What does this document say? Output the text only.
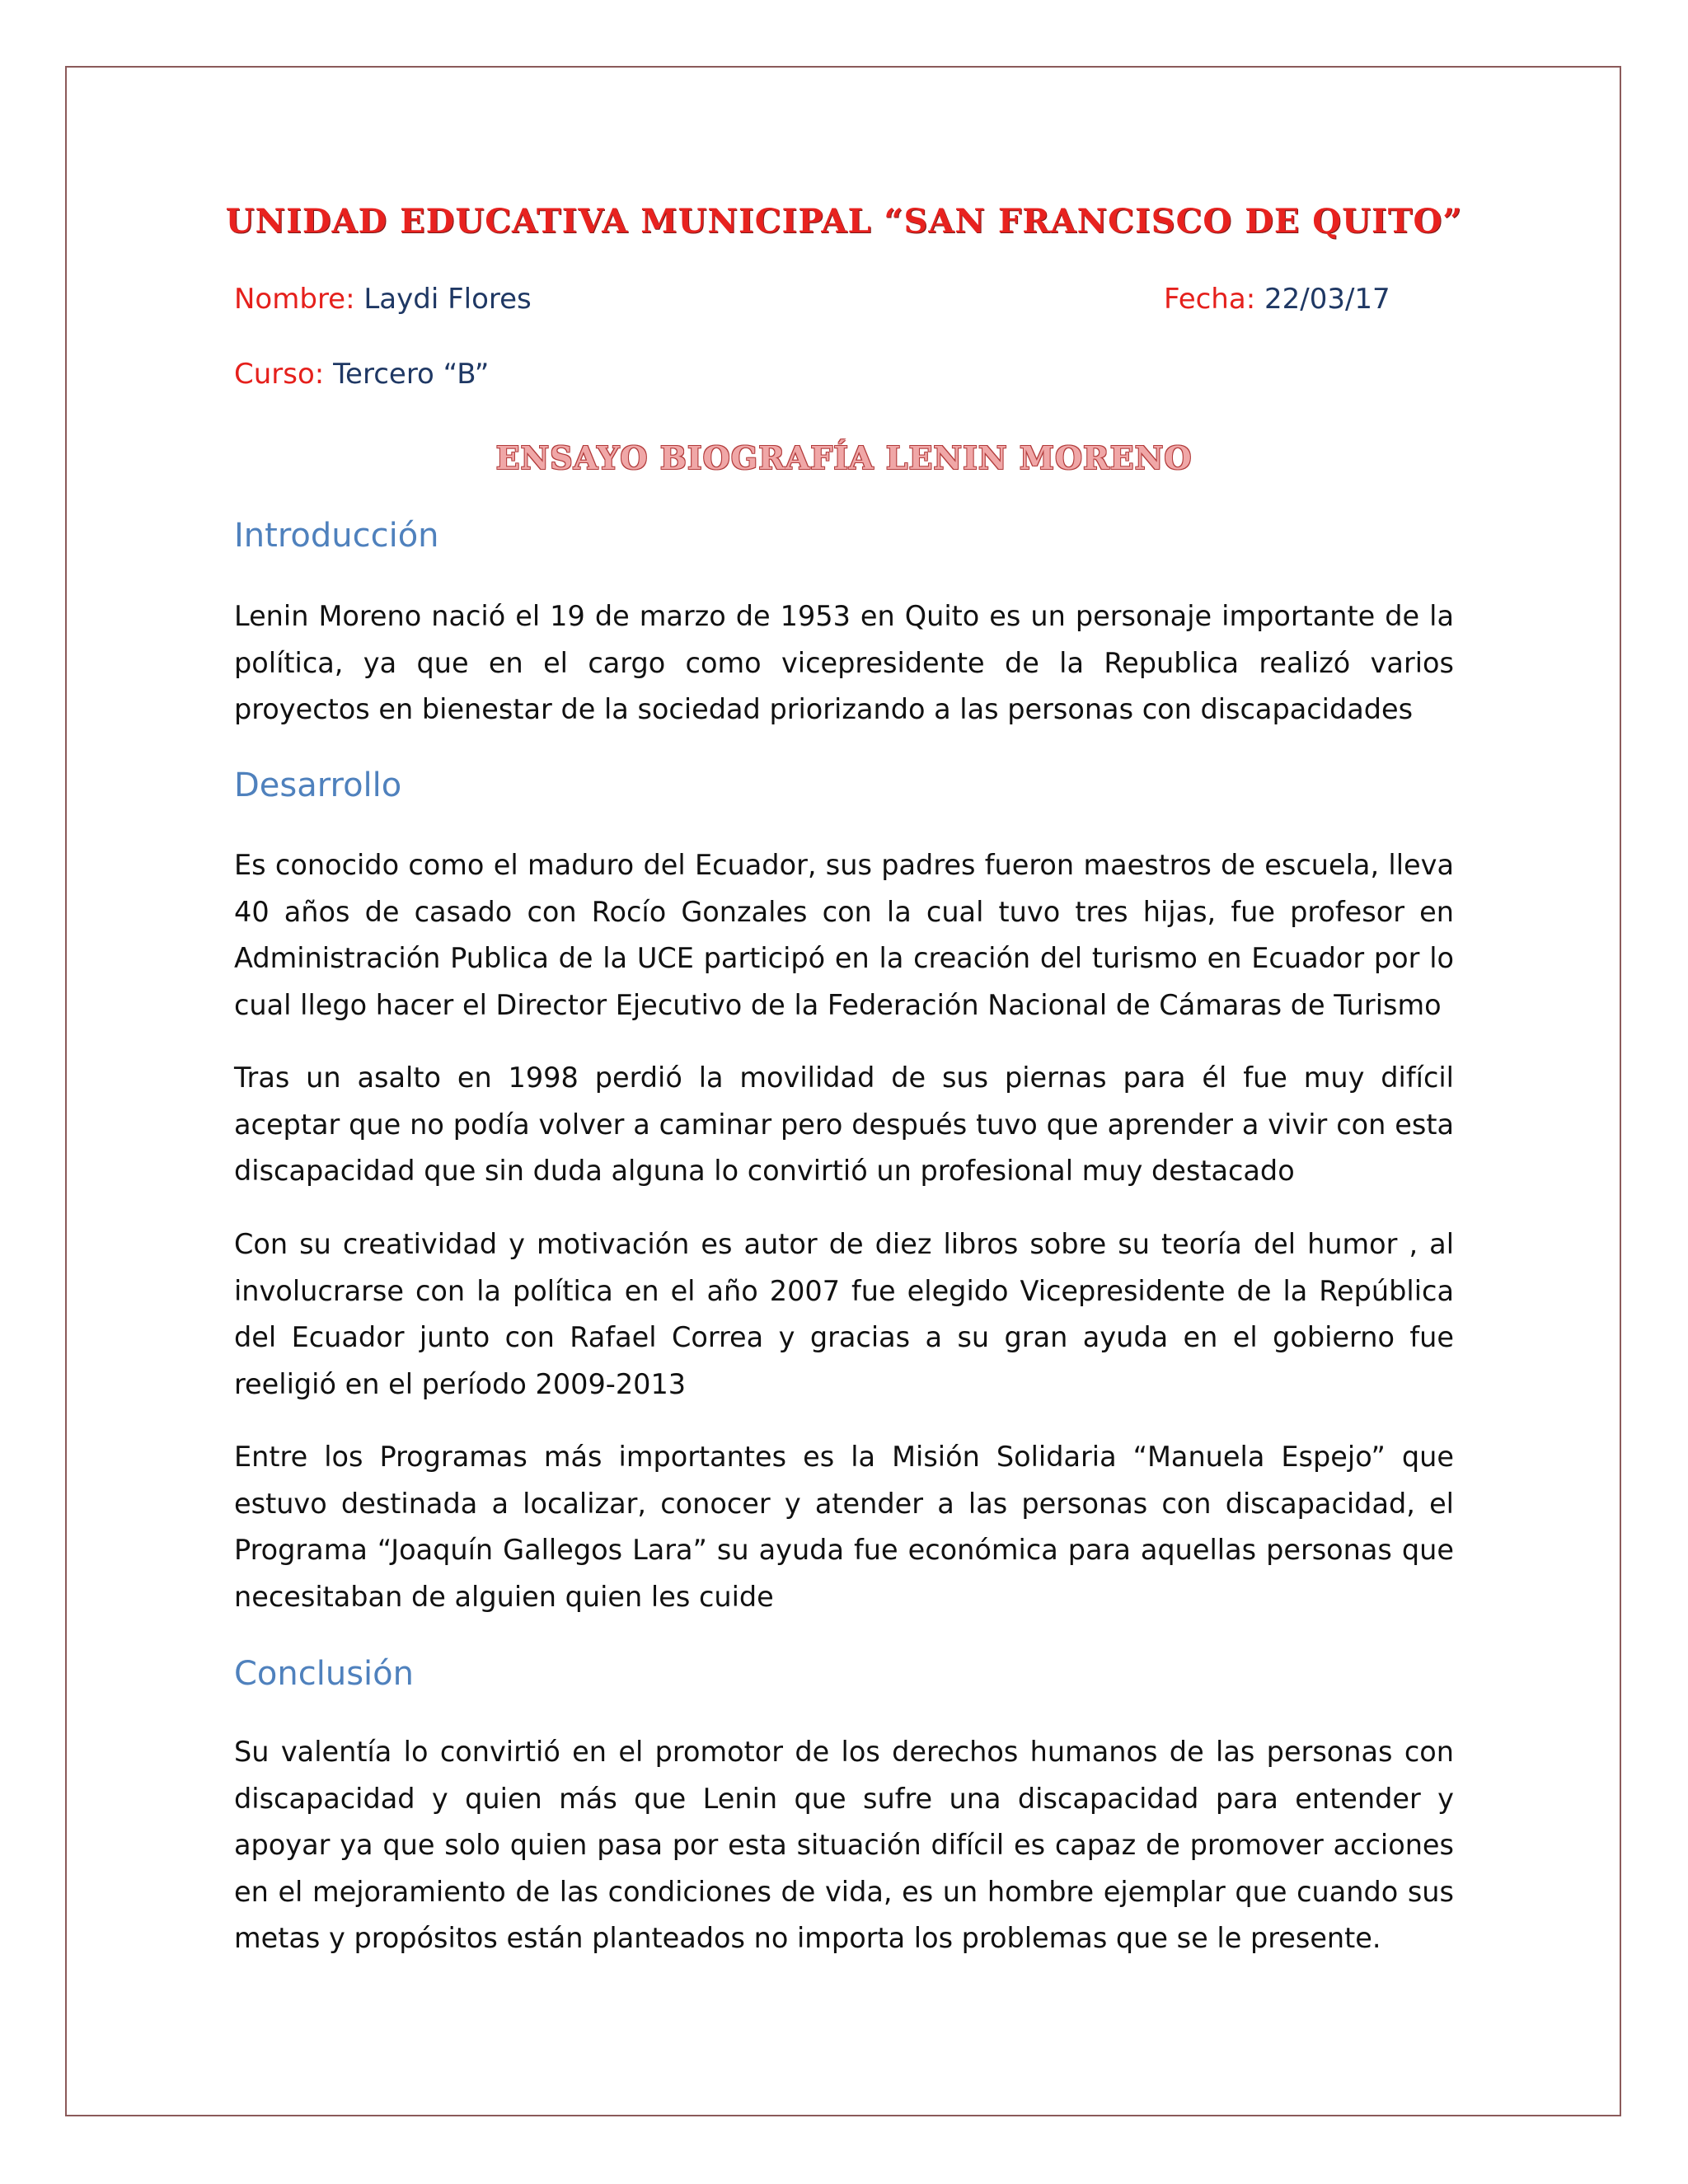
UNIDAD EDUCATIVA MUNICIPAL “SAN FRANCISCO DE QUITO”
Nombre: Laydi Flores	Fecha: 22/03/17
Curso: Tercero “B”
ENSAYO BIOGRAFÍA LENIN MORENO
Introducción

Lenin Moreno nació el 19 de marzo de 1953 en Quito es un personaje importante de la política, ya que en el cargo como vicepresidente de la Republica realizó varios proyectos en bienestar de la sociedad priorizando a las personas con discapacidades

Desarrollo

Es conocido como el maduro del Ecuador, sus padres fueron maestros de escuela, lleva 40 años de casado con Rocío Gonzales con la cual tuvo tres hijas, fue profesor en Administración Publica de la UCE participó en la creación del turismo en Ecuador por lo cual llego hacer el Director Ejecutivo de la Federación Nacional de Cámaras de Turismo

Tras un asalto en 1998 perdió la movilidad de sus piernas para él fue muy difícil aceptar que no podía volver a caminar pero después tuvo que aprender a vivir con esta discapacidad que sin duda alguna lo convirtió un profesional muy destacado

Con su creatividad y motivación es autor de diez libros sobre su teoría del humor , al involucrarse con la política en el año 2007 fue elegido Vicepresidente de la República del Ecuador junto con Rafael Correa y gracias a su gran ayuda en el gobierno fue reeligió en el período 2009-2013

Entre los Programas más importantes es la Misión Solidaria “Manuela Espejo” que estuvo destinada a localizar, conocer y atender a las personas con discapacidad, el Programa “Joaquín Gallegos Lara” su ayuda fue económica para aquellas personas que necesitaban de alguien quien les cuide

Conclusión

Su valentía lo convirtió en el promotor de los derechos humanos de las personas con discapacidad y quien más que Lenin que sufre una discapacidad para entender y apoyar ya que solo quien pasa por esta situación difícil es capaz de promover acciones en el mejoramiento de las condiciones de vida, es un hombre ejemplar que cuando sus metas y propósitos están planteados no importa los problemas que se le presente.
